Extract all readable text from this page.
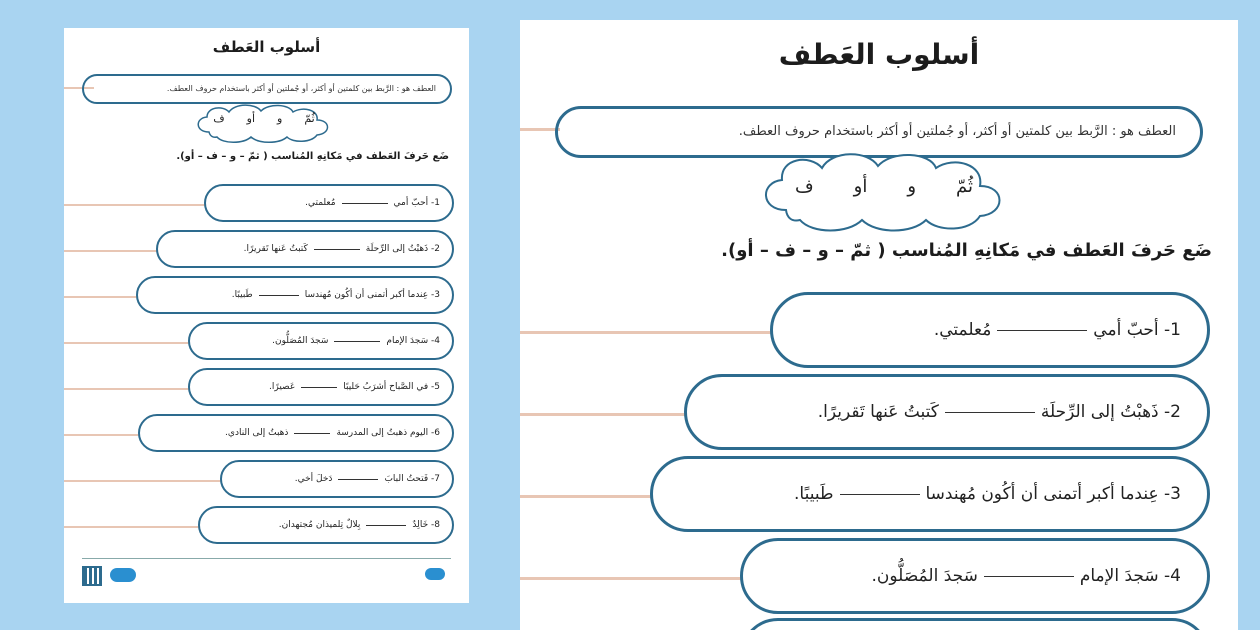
أسلوب العَطف
العطف هو : الرَّبط بين كلمتين أو أكثر، أو جُملتين أو أكثر باستخدام حروف العطف.
ثُمّ
و
أو
ف
ضَع حَرفَ العَطف في مَكانِهِ المُناسب ( ثمّ – و – ف – أو).
1- أحبّ أميمُعلمتي.
2- ذَهبْتُ إلى الرِّحلَةكَتبتُ عَنها تَقريرًا.
3- عِندما أكبر أتمنى أن أكُون مُهندساطَبيبًا.
4- سَجدَ الإمامسَجدَ المُصَلُّون.
5- في الصَّباح أشرَبُ حَليبًاعَصيرًا.
6- اليوم ذهبتُ إلى المدرسةذهبتُ إلى النادي.
7- فَتحتُ البابَدَخلَ أخي.
8- خَالِدٌبِلالٌ تِلميذان مُجتهدان.
أسلوب العَطف
العطف هو : الرَّبط بين كلمتين أو أكثر، أو جُملتين أو أكثر باستخدام حروف العطف.
ثُمّ
و
أو
ف
ضَع حَرفَ العَطف في مَكانِهِ المُناسب ( ثمّ – و – ف – أو).
1- أحبّ أميمُعلمتي.
2- ذَهبْتُ إلى الرِّحلَةكَتبتُ عَنها تَقريرًا.
3- عِندما أكبر أتمنى أن أكُون مُهندساطَبيبًا.
4- سَجدَ الإمامسَجدَ المُصَلُّون.
